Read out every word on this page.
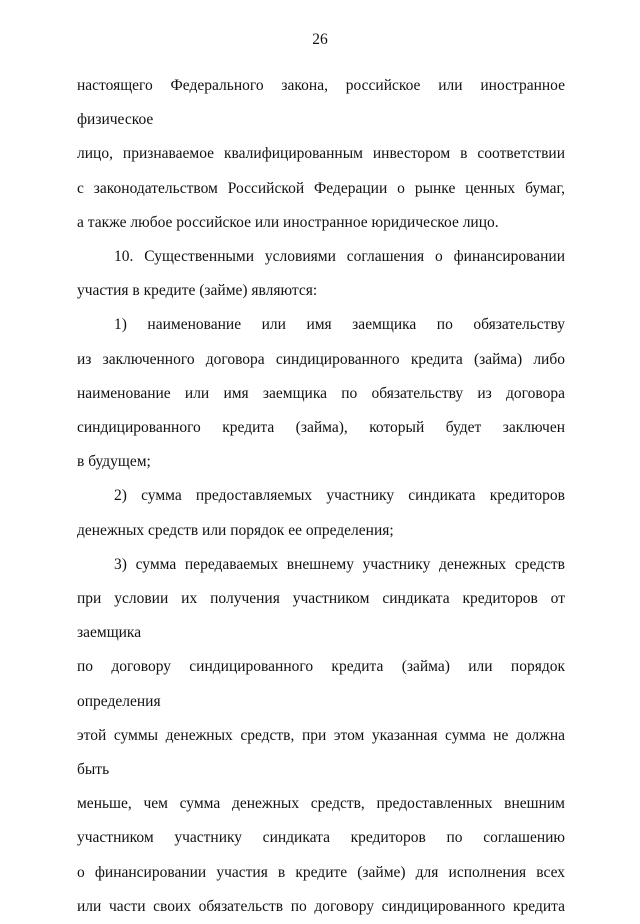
26
настоящего Федерального закона, российское или иностранное физическое
лицо, признаваемое квалифицированным инвестором в соответствии
с законодательством Российской Федерации о рынке ценных бумаг,
а также любое российское или иностранное юридическое лицо.
10. Существенными условиями соглашения о финансировании
участия в кредите (займе) являются:
1) наименование или имя заемщика по обязательству
из заключенного договора синдицированного кредита (займа) либо
наименование или имя заемщика по обязательству из договора
синдицированного кредита (займа), который будет заключен
в будущем;
2) сумма предоставляемых участнику синдиката кредиторов
денежных средств или порядок ее определения;
3) сумма передаваемых внешнему участнику денежных средств
при условии их получения участником синдиката кредиторов от заемщика
по договору синдицированного кредита (займа) или порядок определения
этой суммы денежных средств, при этом указанная сумма не должна быть
меньше, чем сумма денежных средств, предоставленных внешним
участником участнику синдиката кредиторов по соглашению
о финансировании участия в кредите (займе) для исполнения всех
или части своих обязательств по договору синдицированного кредита
